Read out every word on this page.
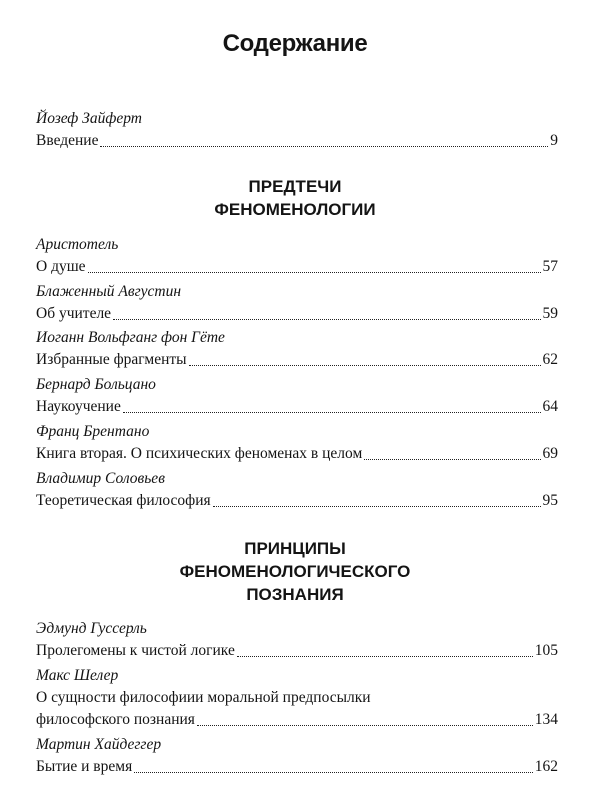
Содержание
Йозеф Зайферт
Введение	9
ПРЕДТЕЧИ
ФЕНОМЕНОЛОГИИ
Аристотель
О душе	57
Блаженный Августин
Об учителе	59
Иоганн Вольфганг фон Гёте
Избранные фрагменты	62
Бернард Больцано
Наукоучение	64
Франц Брентано
Книга вторая. О психических феноменах в целом	69
Владимир Соловьев
Теоретическая философия	95
ПРИНЦИПЫ
ФЕНОМЕНОЛОГИЧЕСКОГО
ПОЗНАНИЯ
Эдмунд Гуссерль
Пролегомены к чистой логике	105
Макс Шелер
О сущности философиии моральной предпосылки
философского познания	134
Мартин Хайдеггер
Бытие и время	162
